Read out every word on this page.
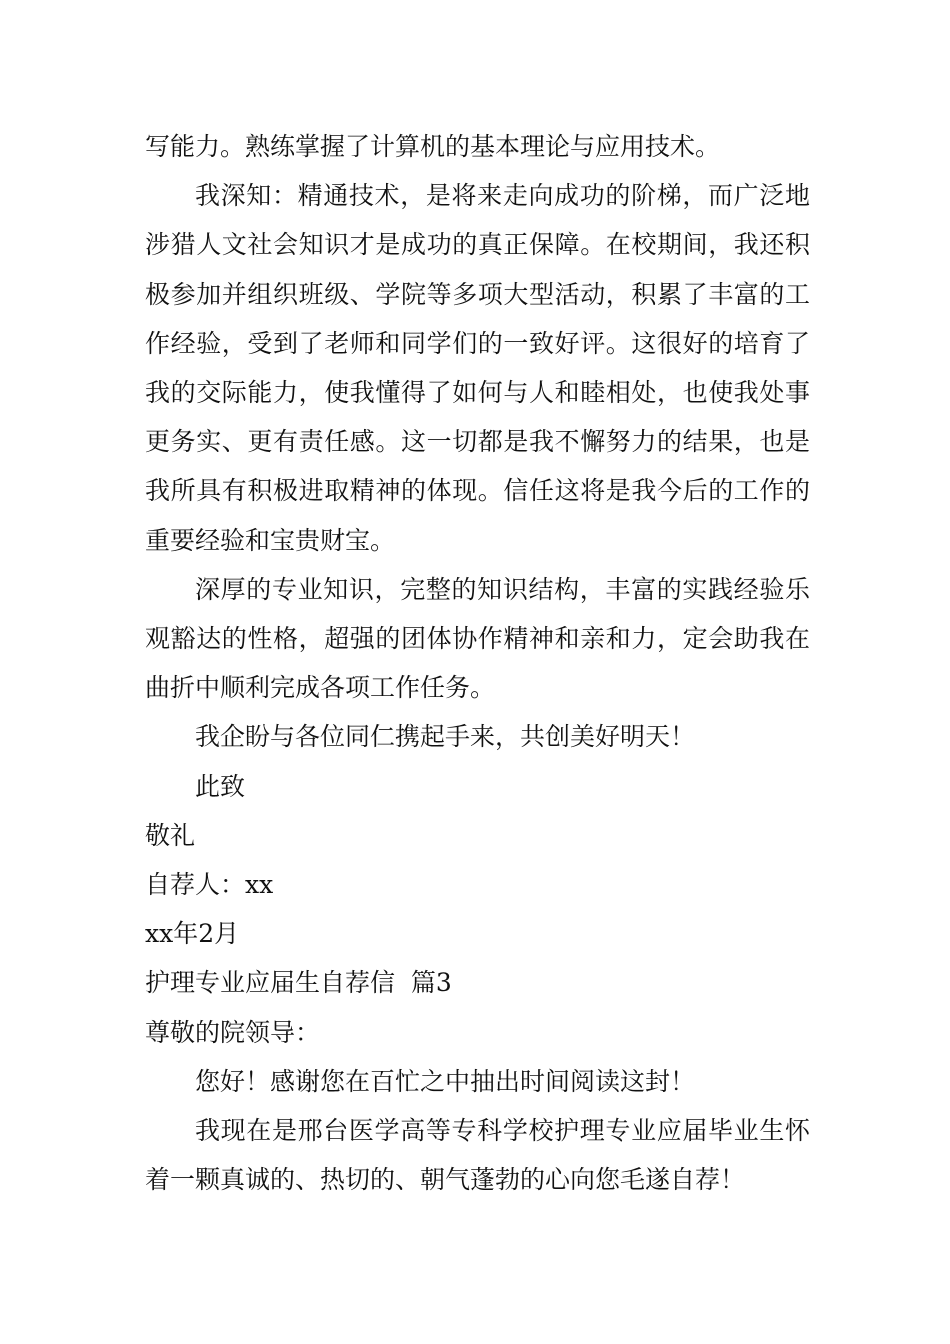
写能力。熟练掌握了计算机的基本理论与应用技术。

我深知：精通技术，是将来走向成功的阶梯，而广泛地涉猎人文社会知识才是成功的真正保障。在校期间，我还积极参加并组织班级、学院等多项大型活动，积累了丰富的工作经验，受到了老师和同学们的一致好评。这很好的培育了我的交际能力，使我懂得了如何与人和睦相处，也使我处事更务实、更有责任感。这一切都是我不懈努力的结果，也是我所具有积极进取精神的体现。信任这将是我今后的工作的重要经验和宝贵财宝。

深厚的专业知识，完整的知识结构，丰富的实践经验乐观豁达的性格，超强的团体协作精神和亲和力，定会助我在曲折中顺利完成各项工作任务。

我企盼与各位同仁携起手来，共创美好明天！

此致

敬礼

自荐人：xx

xx年2月

护理专业应届生自荐信  篇3

尊敬的院领导：

您好！感谢您在百忙之中抽出时间阅读这封！

我现在是邢台医学高等专科学校护理专业应届毕业生怀着一颗真诚的、热切的、朝气蓬勃的心向您毛遂自荐！
